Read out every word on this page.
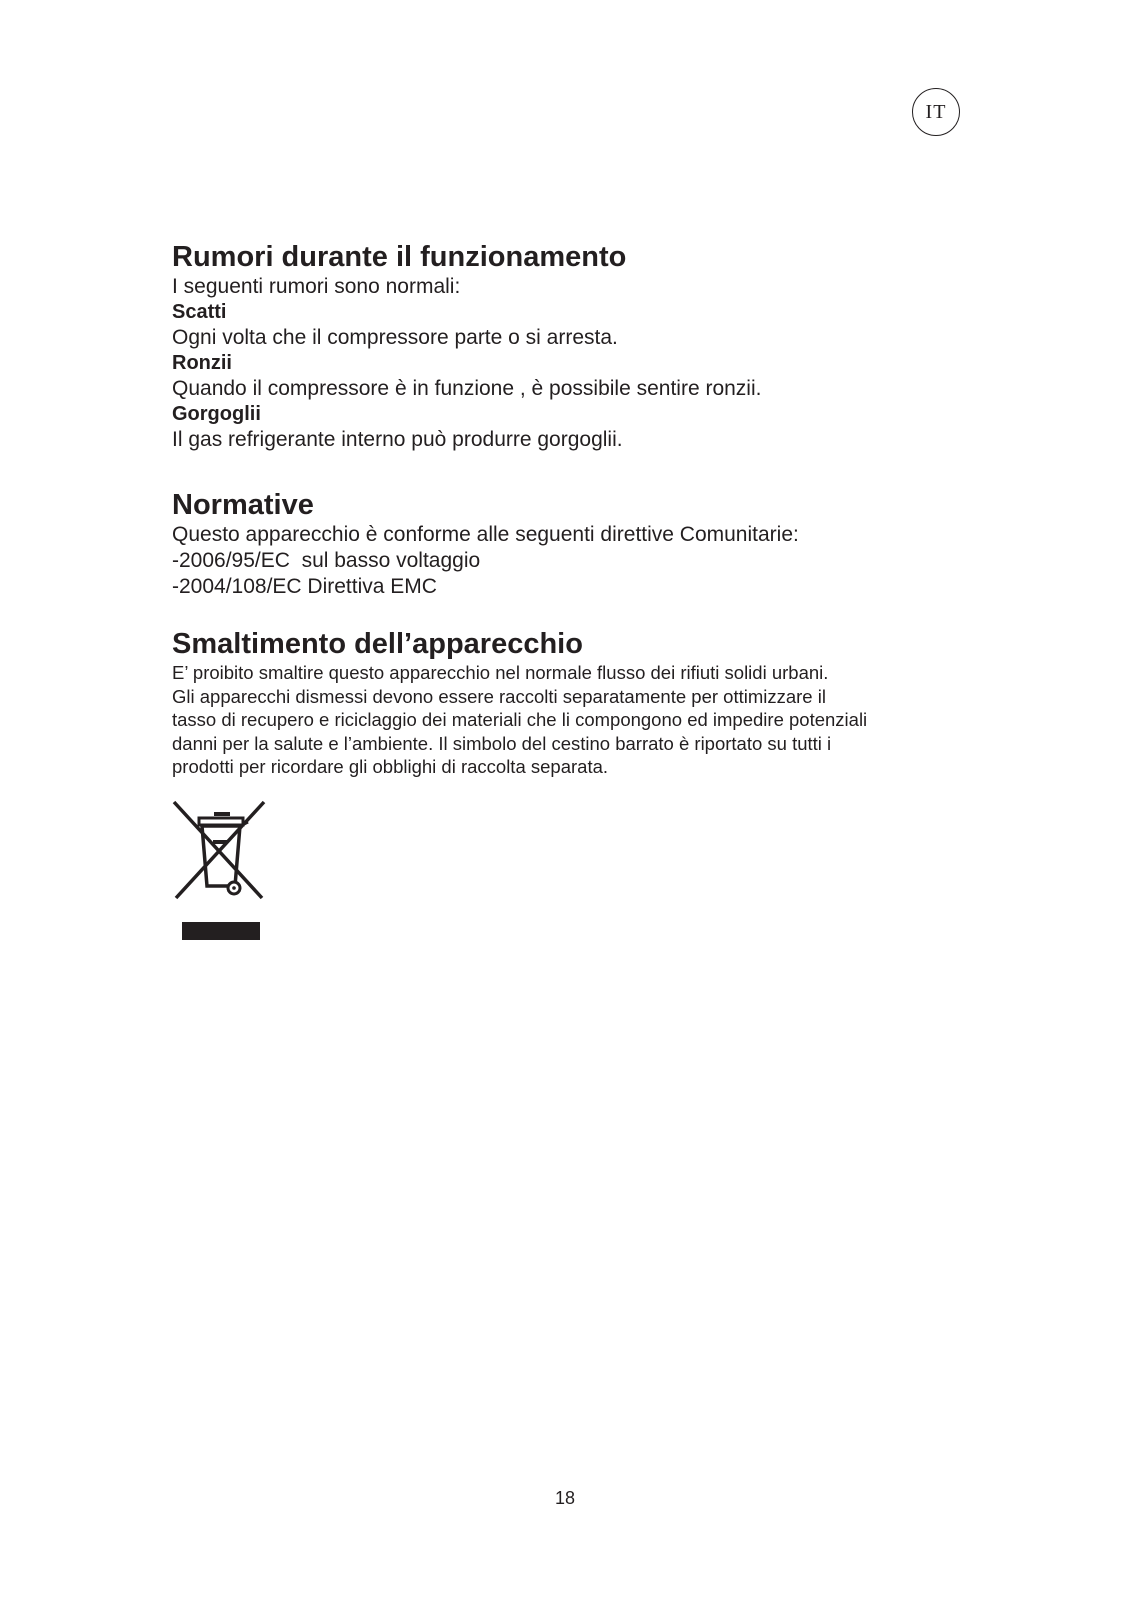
IT
Rumori durante il funzionamento
I seguenti rumori sono normali:
Scatti
Ogni volta che il compressore parte o si arresta.
Ronzii
Quando il compressore è in funzione , è possibile sentire ronzii.
Gorgoglii
Il gas refrigerante interno può produrre gorgoglii.
Normative
Questo apparecchio è conforme alle seguenti direttive Comunitarie:
-2006/95/EC  sul basso voltaggio
-2004/108/EC Direttiva EMC
Smaltimento dell’apparecchio

E’ proibito smaltire questo apparecchio nel normale flusso dei rifiuti solidi urbani.

Gli apparecchi dismessi devono essere raccolti separatamente per ottimizzare il

tasso di recupero e riciclaggio dei materiali che li compongono ed impedire potenziali

danni per la salute e l’ambiente. Il simbolo del cestino barrato è riportato su tutti i

prodotti per ricordare gli obblighi di raccolta separata.

18
